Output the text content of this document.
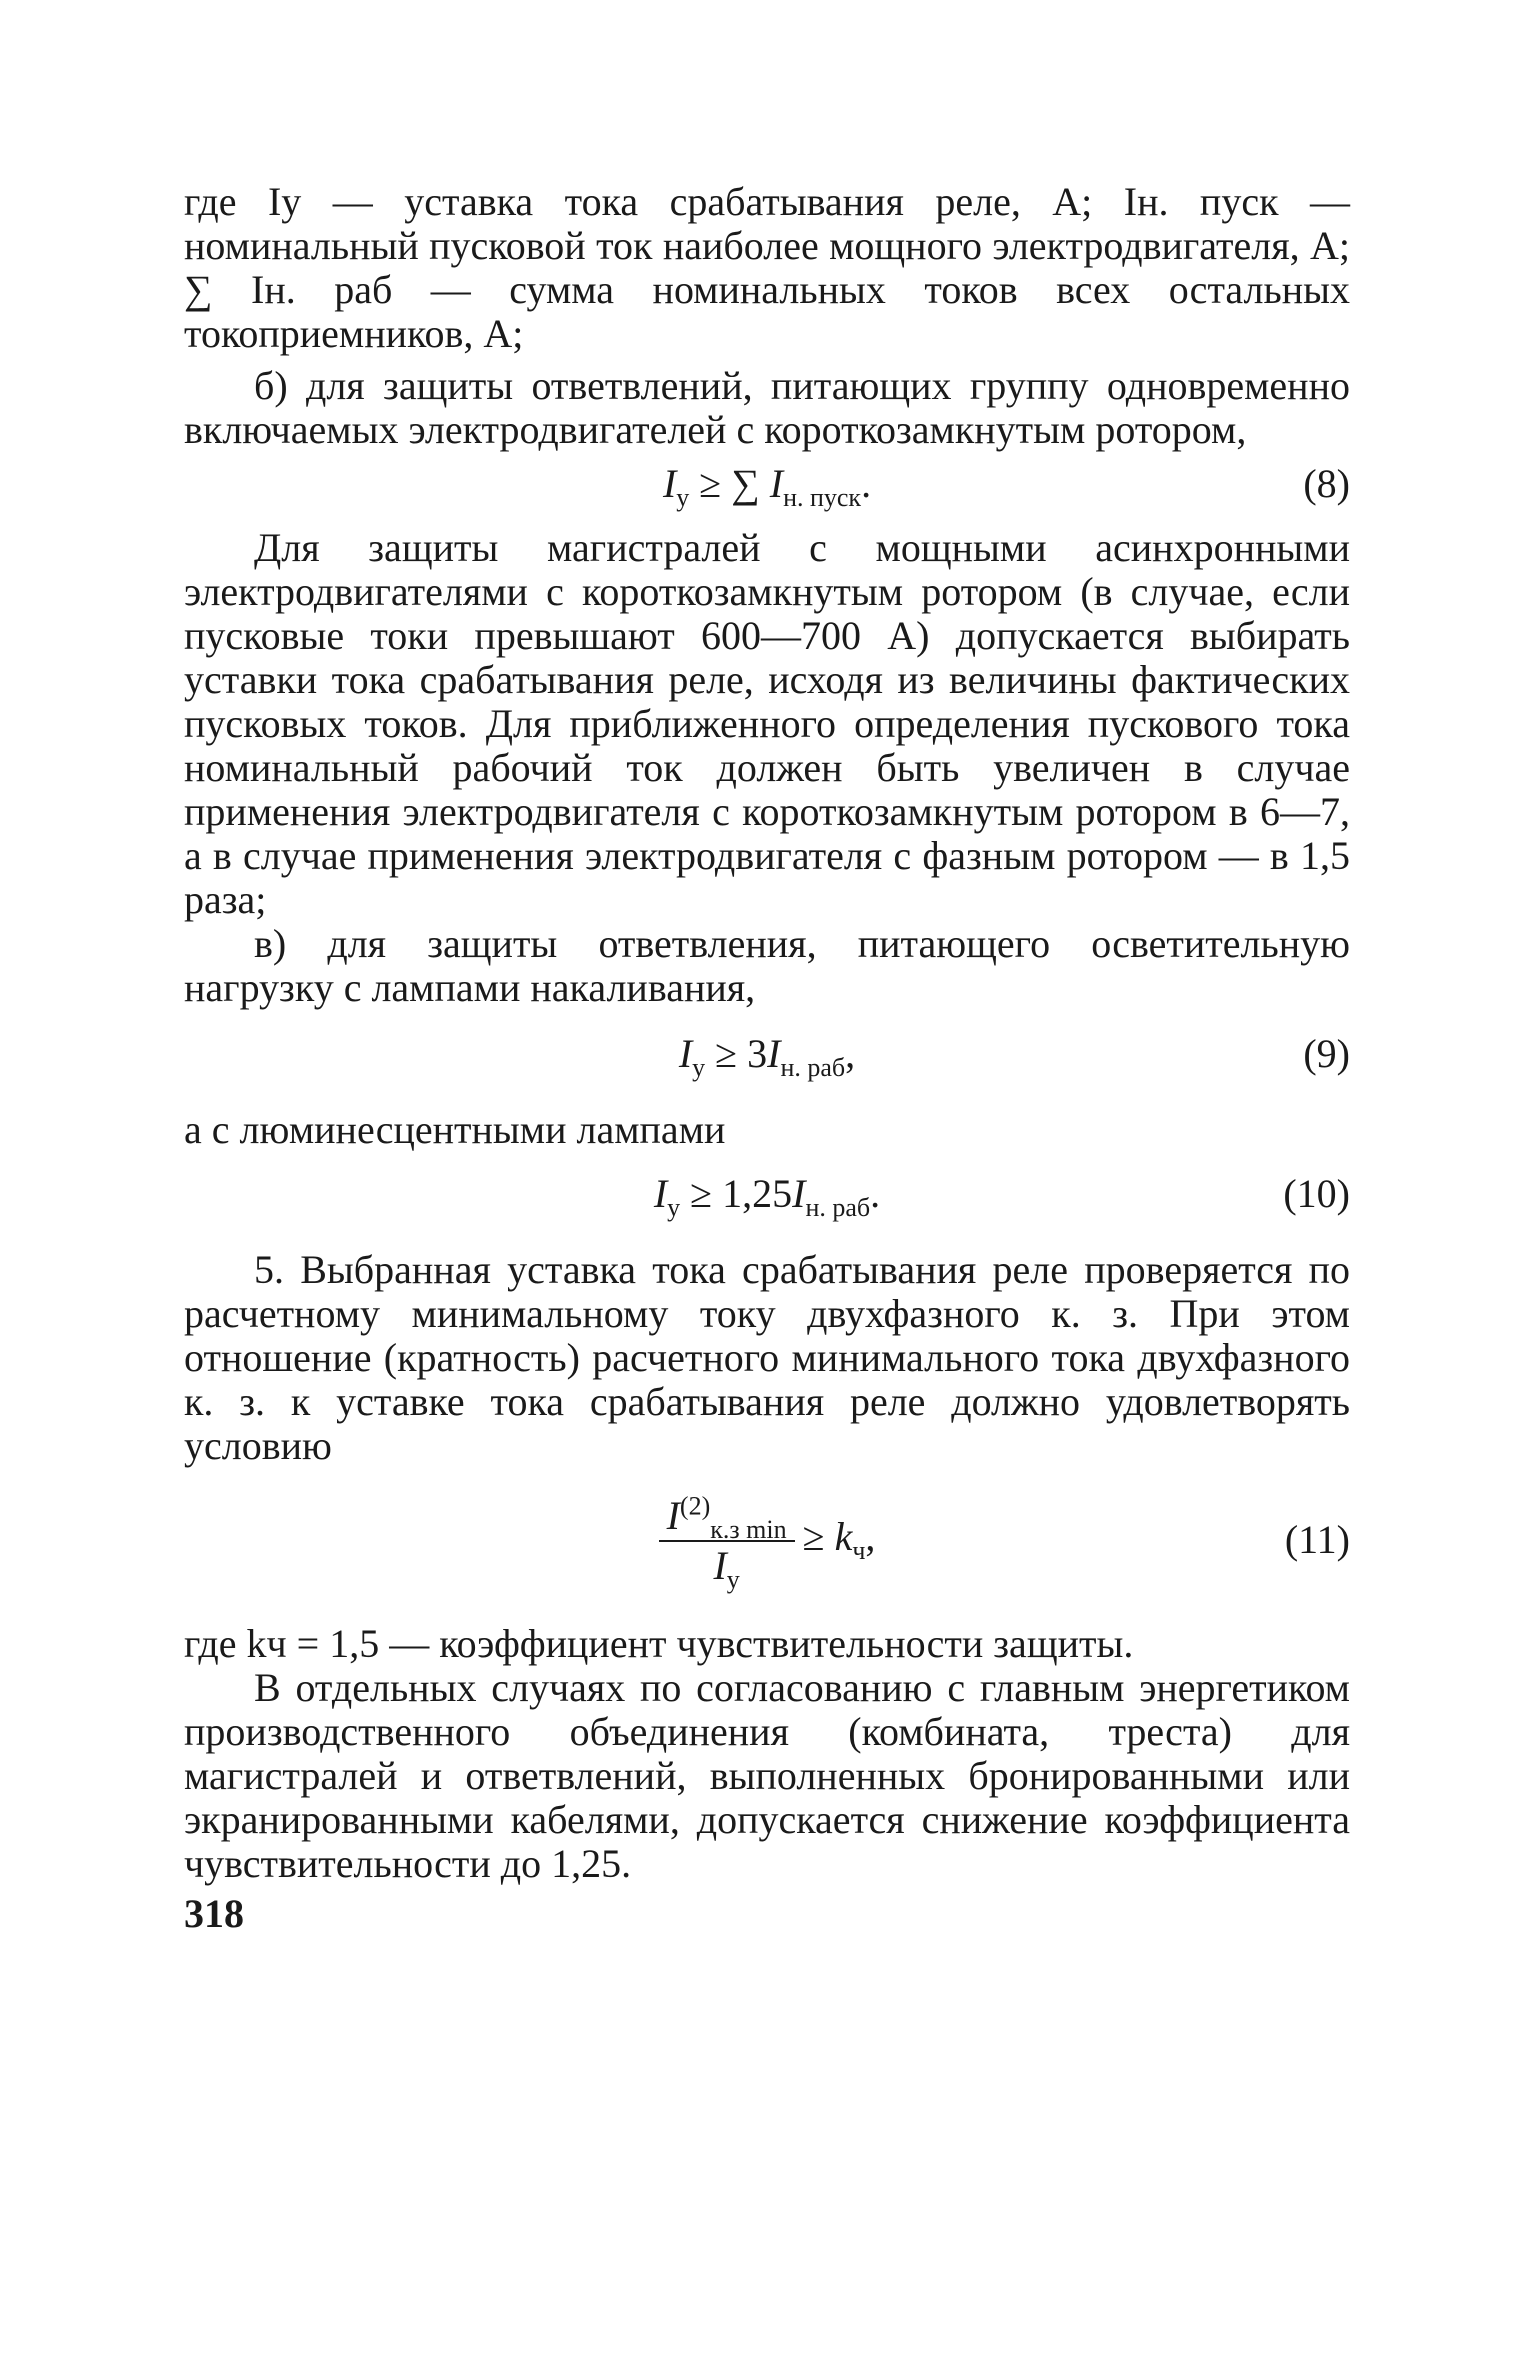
где Iу — уставка тока срабатывания реле, А; Iн. пуск — номинальный пусковой ток наиболее мощного электродвигателя, А; ∑ Iн. раб — сумма номинальных токов всех остальных токоприемников, А;

б) для защиты ответвлений, питающих группу одновременно включаемых электродвигателей с короткозамкнутым ротором,

$I_у$ ≥ ∑ $I_{н. пуск}$.	(8)

Для защиты магистралей с мощными асинхронными электродвигателями с короткозамкнутым ротором (в случае, если пусковые токи превышают 600—700 А) допускается выбирать уставки тока срабатывания реле, исходя из величины фактических пусковых токов. Для приближенного определения пускового тока номинальный рабочий ток должен быть увеличен в случае применения электродвигателя с короткозамкнутым ротором в 6—7, а в случае применения электродвигателя с фазным ротором — в 1,5 раза;

в) для защиты ответвления, питающего осветительную нагрузку с лампами накаливания,

$I_у \ge 3I_{н. раб}$,	(9)

а с люминесцентными лампами

$I_у \ge 1,25I_{н. раб}$.	(10)

5. Выбранная уставка тока срабатывания реле проверяется по расчетному минимальному току двухфазного к. з. При этом отношение (кратность) расчетного минимального тока двухфазного к. з. к уставке тока срабатывания реле должно удовлетворять условию

$\frac{I^{(2)}_{к.з min}}{I_у} \ge k_ч$,	(11)

где kч = 1,5 — коэффициент чувствительности защиты.

В отдельных случаях по согласованию с главным энергетиком производственного объединения (комбината, треста) для магистралей и ответвлений, выполненных бронированными или экранированными кабелями, допускается снижение коэффициента чувствительности до 1,25.

318
